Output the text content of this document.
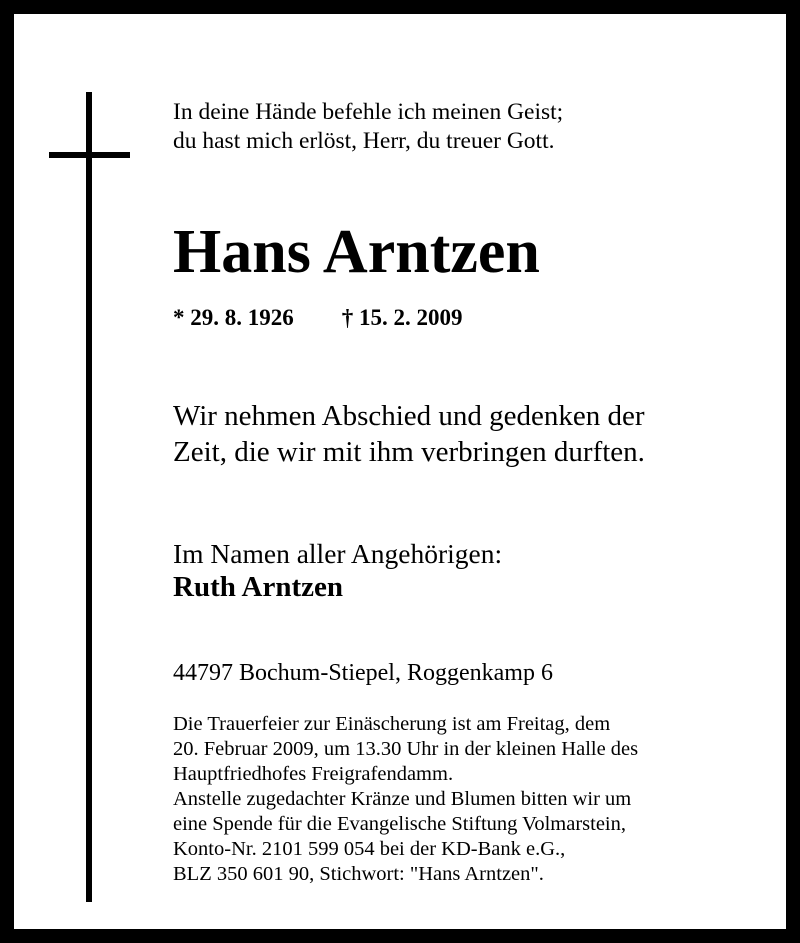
In deine Hände befehle ich meinen Geist;
du hast mich erlöst, Herr, du treuer Gott.
Hans Arntzen
* 29. 8. 1926 † 15. 2. 2009
Wir nehmen Abschied und gedenken der
Zeit, die wir mit ihm verbringen durften.
Im Namen aller Angehörigen:
Ruth Arntzen
44797 Bochum-Stiepel, Roggenkamp 6
Die Trauerfeier zur Einäscherung ist am Freitag, dem
20. Februar 2009, um 13.30 Uhr in der kleinen Halle des
Hauptfriedhofes Freigrafendamm.
Anstelle zugedachter Kränze und Blumen bitten wir um
eine Spende für die Evangelische Stiftung Volmarstein,
Konto-Nr. 2101 599 054 bei der KD-Bank e.G.,
BLZ 350 601 90, Stichwort: "Hans Arntzen".
